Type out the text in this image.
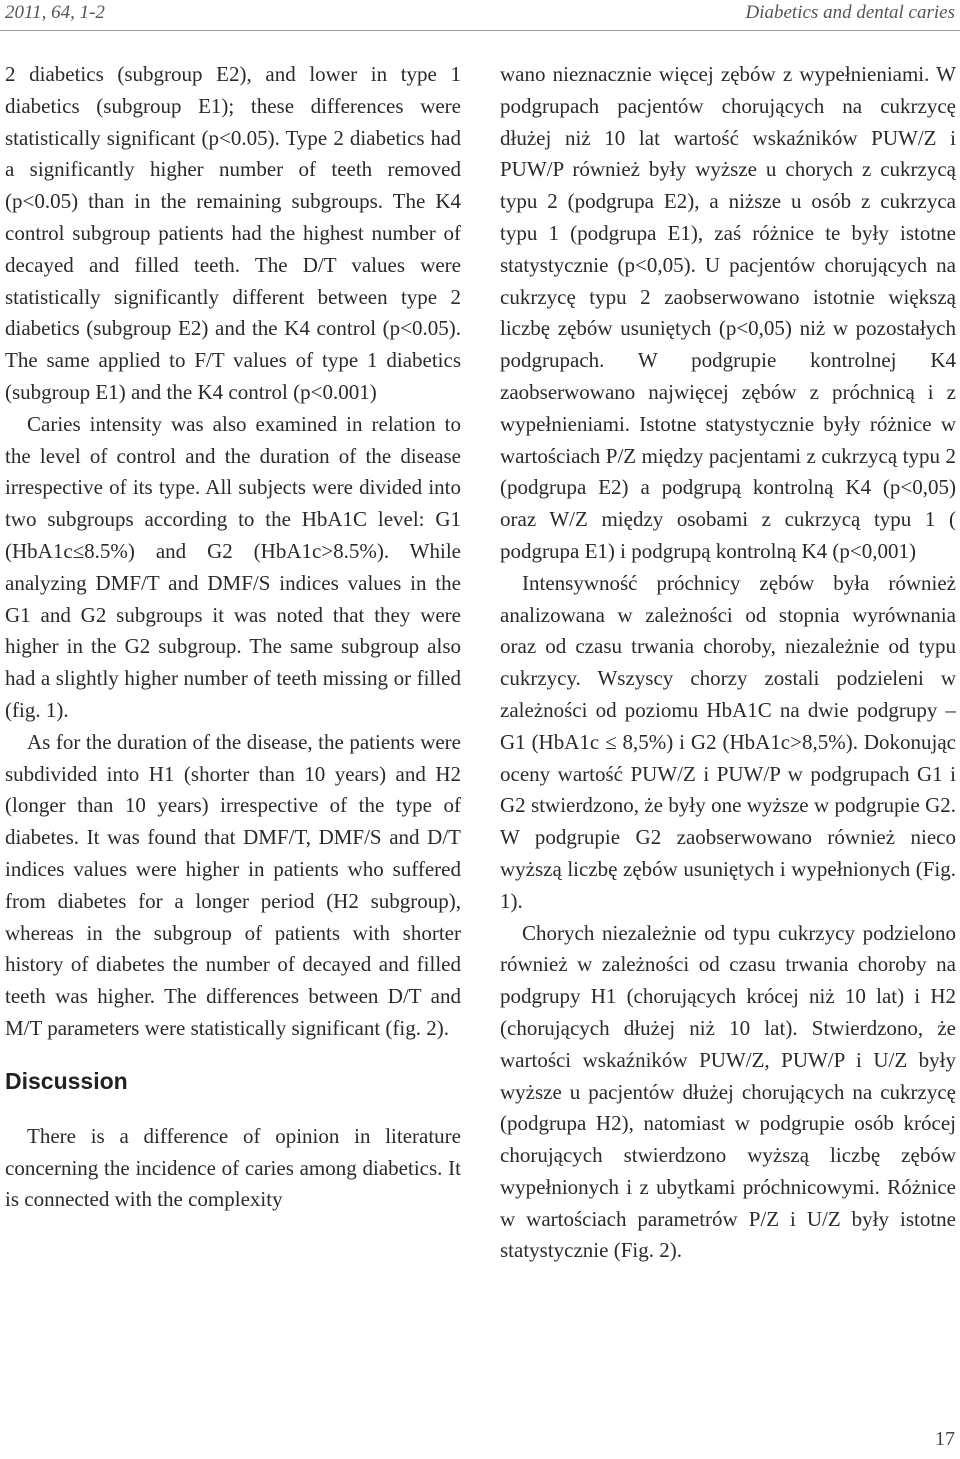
2011, 64, 1-2	Diabetics and dental caries

2 diabetics (subgroup E2), and lower in type 1 diabetics (subgroup E1); these differences were statistically significant (p<0.05). Type 2 diabetics had a significantly higher number of teeth removed (p<0.05) than in the remaining subgroups. The K4 control subgroup patients had the highest number of decayed and filled teeth. The D/T values were statistically significantly different between type 2 diabetics (subgroup E2) and the K4 control (p<0.05). The same applied to F/T values of type 1 diabetics (subgroup E1) and the K4 control (p<0.001)

Caries intensity was also examined in relation to the level of control and the duration of the disease irrespective of its type. All subjects were divided into two subgroups according to the HbA1C level: G1 (HbA1c≤8.5%) and G2 (HbA1c>8.5%). While analyzing DMF/T and DMF/S indices values in the G1 and G2 subgroups it was noted that they were higher in the G2 subgroup. The same subgroup also had a slightly higher number of teeth missing or filled (fig. 1).

As for the duration of the disease, the patients were subdivided into H1 (shorter than 10 years) and H2 (longer than 10 years) irrespective of the type of diabetes. It was found that DMF/T, DMF/S and D/T indices values were higher in patients who suffered from diabetes for a longer period (H2 subgroup), whereas in the subgroup of patients with shorter history of diabetes the number of decayed and filled teeth was higher. The differences between D/T and M/T parameters were statistically significant (fig. 2).

Discussion

There is a difference of opinion in literature concerning the incidence of caries among diabetics. It is connected with the complexity

wano nieznacznie więcej zębów z wypełnieniami. W podgrupach pacjentów chorujących na cukrzycę dłużej niż 10 lat wartość wskaźników PUW/Z i PUW/P również były wyższe u chorych z cukrzycą typu 2 (podgrupa E2), a niższe u osób z cukrzyca typu 1 (podgrupa E1), zaś różnice te były istotne statystycznie (p<0,05). U pacjentów chorujących na cukrzycę typu 2 zaobserwowano istotnie większą liczbę zębów usuniętych (p<0,05) niż w pozostałych podgrupach. W podgrupie kontrolnej K4 zaobserwowano najwięcej zębów z próchnicą i z wypełnieniami. Istotne statystycznie były różnice w wartościach P/Z między pacjentami z cukrzycą typu 2 (podgrupa E2) a podgrupą kontrolną K4 (p<0,05) oraz W/Z między osobami z cukrzycą typu 1 ( podgrupa E1) i podgrupą kontrolną K4 (p<0,001)

Intensywność próchnicy zębów była również analizowana w zależności od stopnia wyrównania oraz od czasu trwania choroby, niezależnie od typu cukrzycy. Wszyscy chorzy zostali podzieleni w zależności od poziomu HbA1C na dwie podgrupy – G1 (HbA1c ≤ 8,5%) i G2 (HbA1c>8,5%). Dokonując oceny wartość PUW/Z i PUW/P w podgrupach G1 i G2 stwierdzono, że były one wyższe w podgrupie G2. W podgrupie G2 zaobserwowano również nieco wyższą liczbę zębów usuniętych i wypełnionych (Fig. 1).

Chorych niezależnie od typu cukrzycy podzielono również w zależności od czasu trwania choroby na podgrupy H1 (chorujących krócej niż 10 lat) i H2 (chorujących dłużej niż 10 lat). Stwierdzono, że wartości wskaźników PUW/Z, PUW/P i U/Z były wyższe u pacjentów dłużej chorujących na cukrzycę (podgrupa H2), natomiast w podgrupie osób krócej chorujących stwierdzono wyższą liczbę zębów wypełnionych i z ubytkami próchnicowymi. Różnice w wartościach parametrów P/Z i U/Z były istotne statystycznie (Fig. 2).

17
